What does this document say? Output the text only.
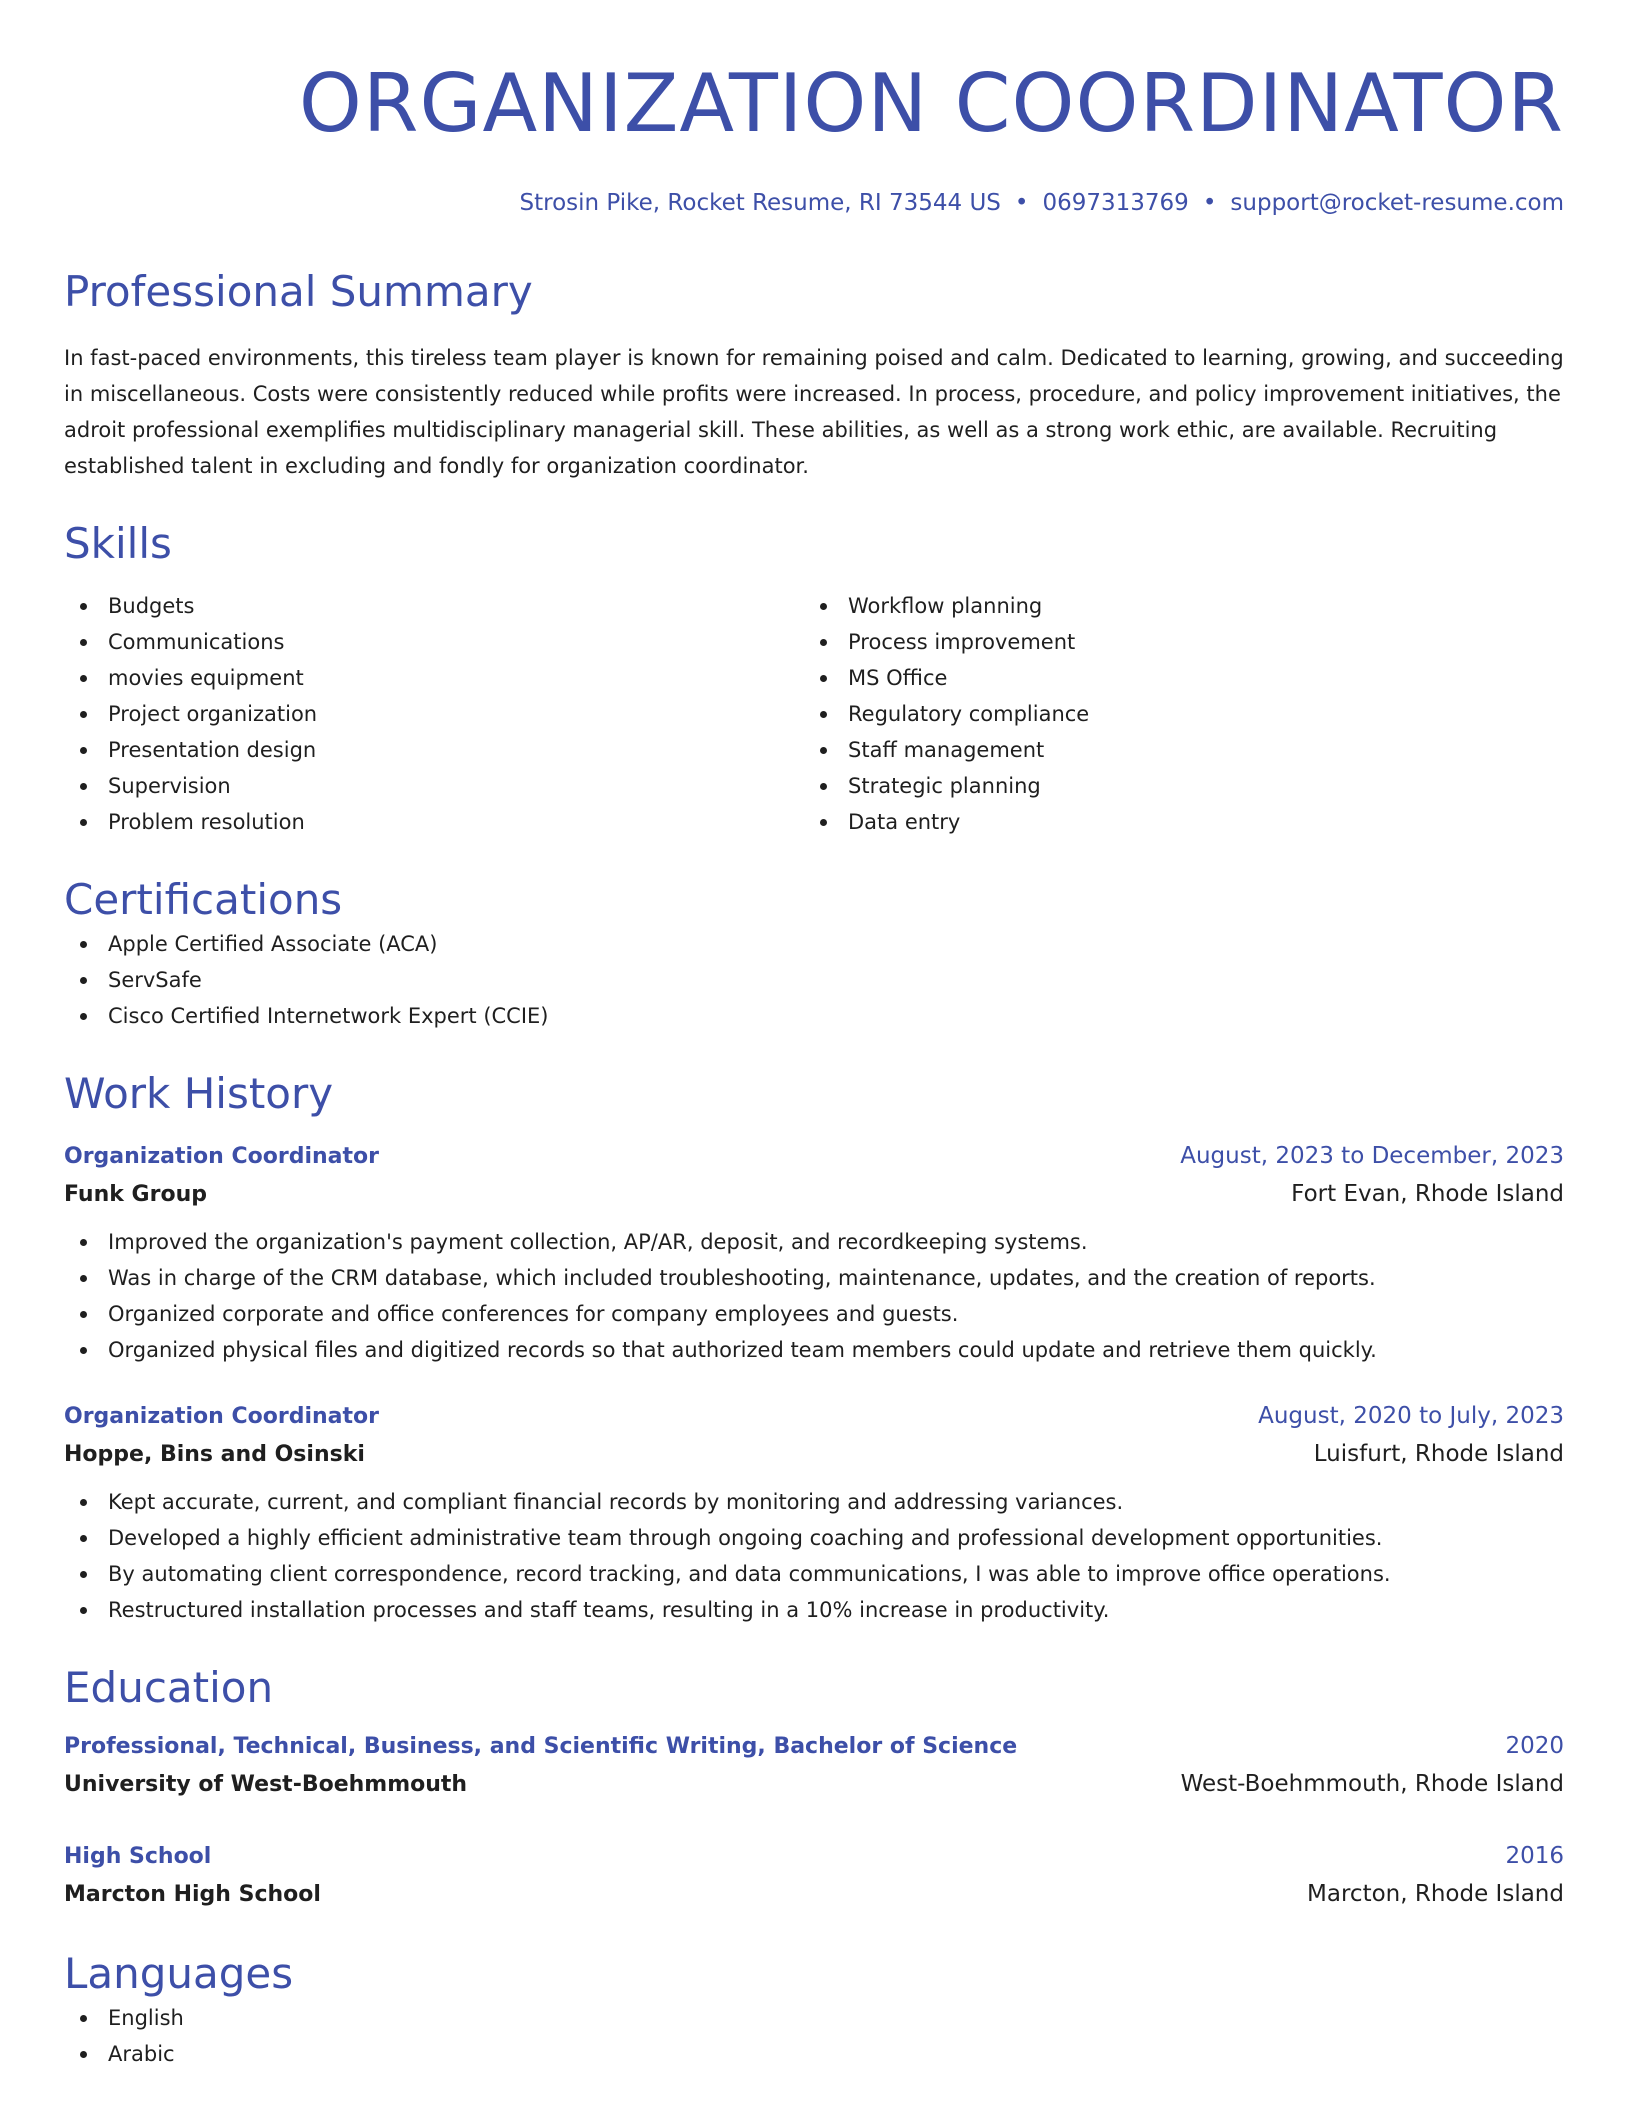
ORGANIZATION COORDINATOR
Strosin Pike, Rocket Resume, RI 73544 US • 0697313769 • support@rocket-resume.com
Professional Summary

In fast-paced environments, this tireless team player is known for remaining poised and calm. Dedicated to learning, growing, and succeeding in miscellaneous. Costs were consistently reduced while profits were increased. In process, procedure, and policy improvement initiatives, the adroit professional exemplifies multidisciplinary managerial skill. These abilities, as well as a strong work ethic, are available. Recruiting established talent in excluding and fondly for organization coordinator.

Skills
Budgets
Communications
movies equipment
Project organization
Presentation design
Supervision
Problem resolution
Workflow planning
Process improvement
MS Office
Regulatory compliance
Staff management
Strategic planning
Data entry
Certifications
Apple Certified Associate (ACA)
ServSafe
Cisco Certified Internetwork Expert (CCIE)
Work History
Organization Coordinator	August, 2023 to December, 2023
Funk Group	Fort Evan, Rhode Island
Improved the organization's payment collection, AP/AR, deposit, and recordkeeping systems.
Was in charge of the CRM database, which included troubleshooting, maintenance, updates, and the creation of reports.
Organized corporate and office conferences for company employees and guests.
Organized physical files and digitized records so that authorized team members could update and retrieve them quickly.
Organization Coordinator	August, 2020 to July, 2023
Hoppe, Bins and Osinski	Luisfurt, Rhode Island
Kept accurate, current, and compliant financial records by monitoring and addressing variances.
Developed a highly efficient administrative team through ongoing coaching and professional development opportunities.
By automating client correspondence, record tracking, and data communications, I was able to improve office operations.
Restructured installation processes and staff teams, resulting in a 10% increase in productivity.
Education
Professional, Technical, Business, and Scientific Writing, Bachelor of Science	2020
University of West-Boehmmouth	West-Boehmmouth, Rhode Island
High School	2016
Marcton High School	Marcton, Rhode Island
Languages
English
Arabic
